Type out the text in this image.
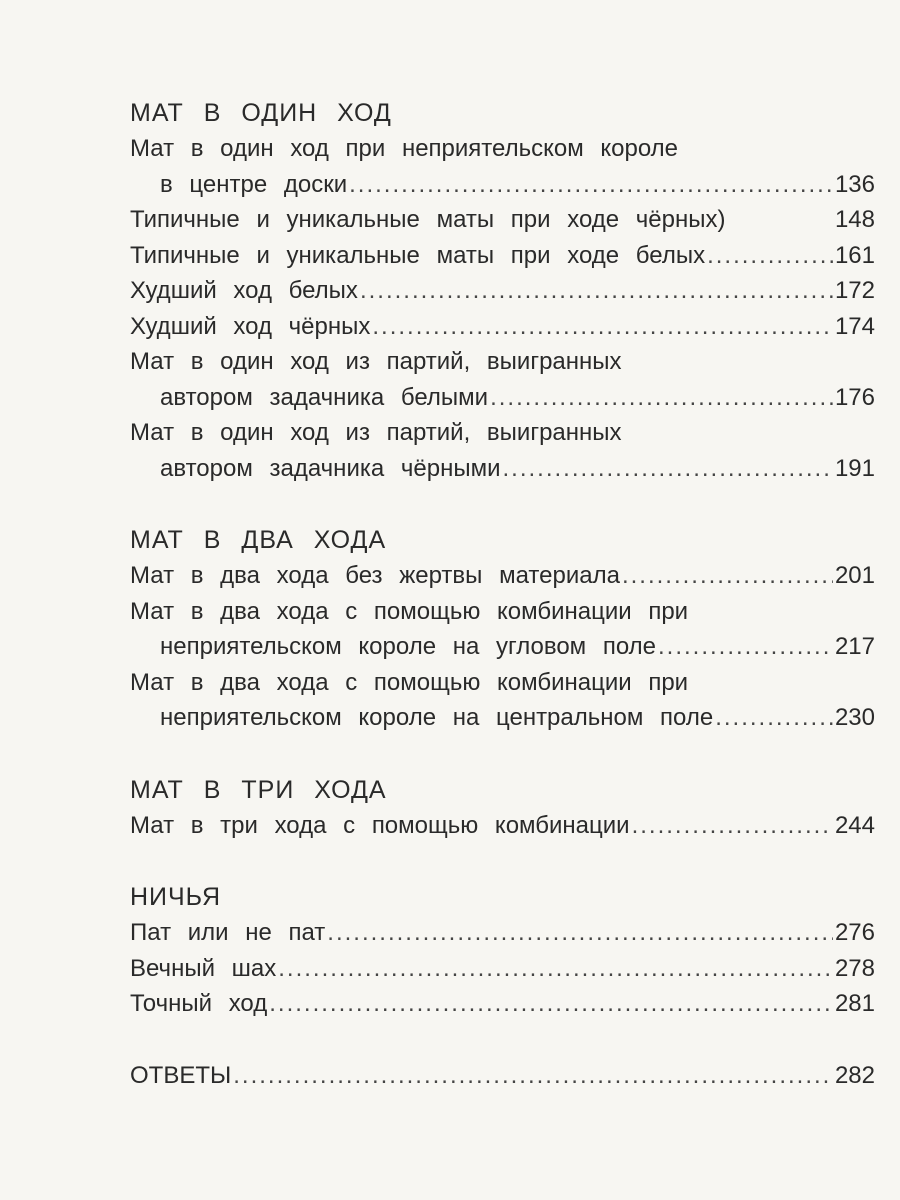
МАТ В ОДИН ХОД
Мат в один ход при неприятельском короле
в центре доски .....	136
Типичные и уникальные маты при ходе чёрных)	148
Типичные и уникальные маты при ходе белых .....	161
Худший ход белых .....	172
Худший ход чёрных .....	174
Мат в один ход из партий, выигранных
автором задачника белыми .....	176
Мат в один ход из партий, выигранных
автором задачника чёрными .....	191
МАТ В ДВА ХОДА
Мат в два хода без жертвы материала .....	201
Мат в два хода с помощью комбинации при
неприятельском короле на угловом поле .....	217
Мат в два хода с помощью комбинации при
неприятельском короле на центральном поле .....	230
МАТ В ТРИ ХОДА
Мат в три хода с помощью комбинации .....	244
НИЧЬЯ
Пат или не пат .....	276
Вечный шах .....	278
Точный ход .....	281
ОТВЕТЫ .....	282
